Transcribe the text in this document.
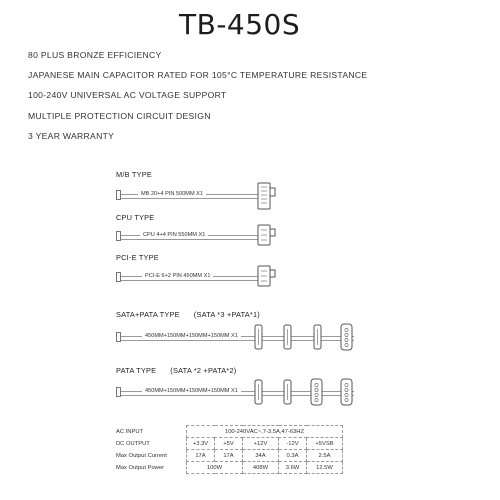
TB-450S
80 PLUS BRONZE EFFICIENCY
JAPANESE MAIN CAPACITOR RATED FOR 105°C TEMPERATURE RESISTANCE
100-240V UNIVERSAL AC VOLTAGE SUPPORT
MULTIPLE PROTECTION CIRCUIT DESIGN
3 YEAR WARRANTY
M/B TYPE
MB 20+4 PIN 500MM X1
CPU TYPE
CPU 4+4 PIN 550MM X1
PCI-E TYPE
PCI-E 6+2 PIN 450MM X1
SATA+PATA TYPE (SATA *3 +PATA*1)
450MM+150MM+150MM+150MM X1
PATA TYPE (SATA *2 +PATA*2)
450MM+150MM+150MM+150MM X1
AC INPUT	100-240VAC~,7-3.5A,47-63HZ				
DC OUTPUT	+3.3V	+5V	+12V	-12V	+5VSB
Max Output Current	17A	17A	34A	0.3A	2.5A
Max Output Power	100W		408W	3.6W	12.5W
